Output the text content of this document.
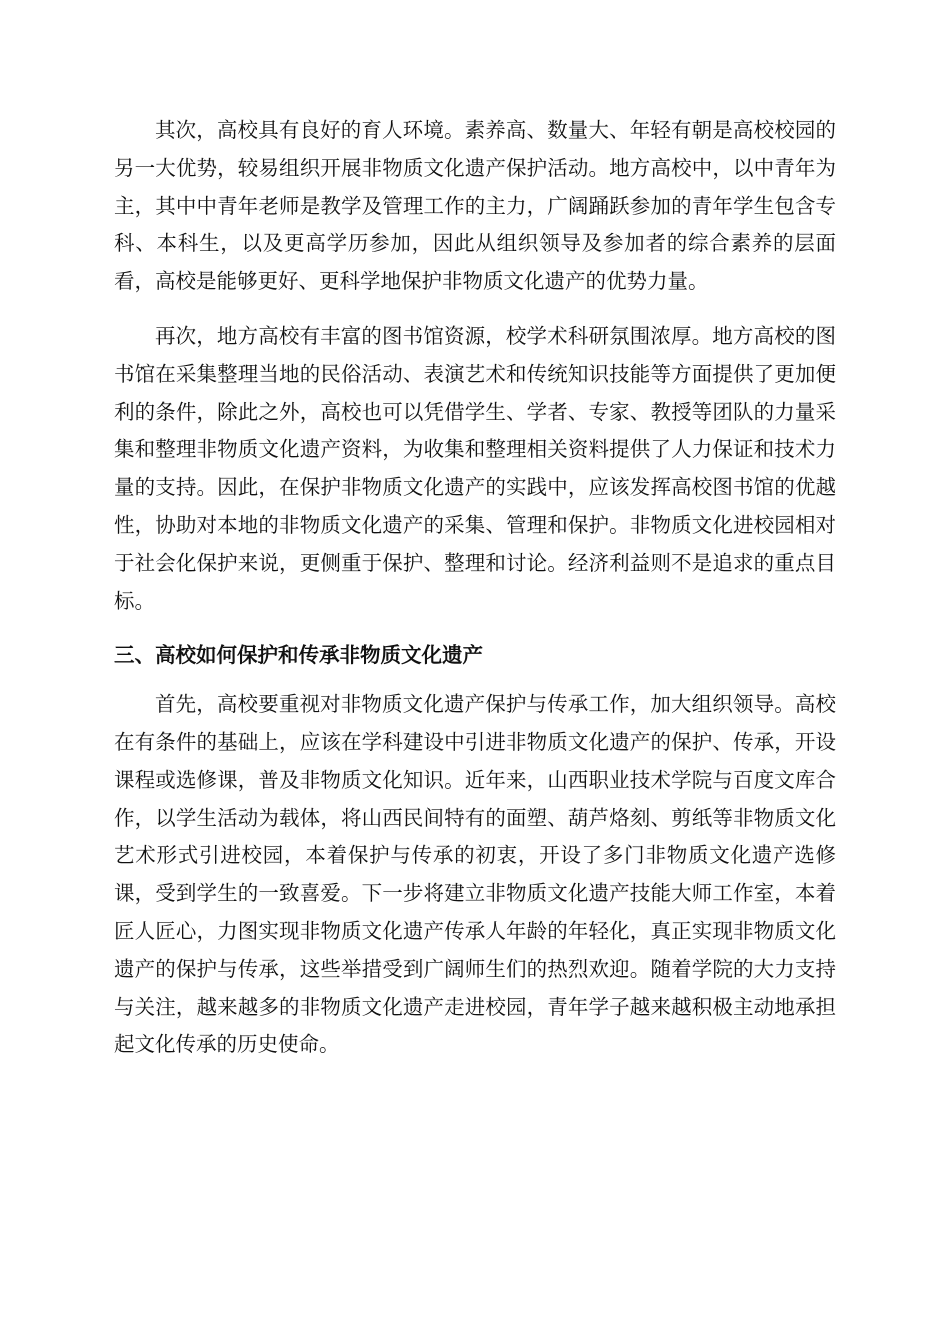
其次，高校具有良好的育人环境。素养高、数量大、年轻有朝是高校校园的另一大优势，较易组织开展非物质文化遗产保护活动。地方高校中，以中青年为主，其中中青年老师是教学及管理工作的主力，广阔踊跃参加的青年学生包含专科、本科生，以及更高学历参加，因此从组织领导及参加者的综合素养的层面看，高校是能够更好、更科学地保护非物质文化遗产的优势力量。

再次，地方高校有丰富的图书馆资源，校学术科研氛围浓厚。地方高校的图书馆在采集整理当地的民俗活动、表演艺术和传统知识技能等方面提供了更加便利的条件，除此之外，高校也可以凭借学生、学者、专家、教授等团队的力量采集和整理非物质文化遗产资料，为收集和整理相关资料提供了人力保证和技术力量的支持。因此，在保护非物质文化遗产的实践中，应该发挥高校图书馆的优越性，协助对本地的非物质文化遗产的采集、管理和保护。非物质文化进校园相对于社会化保护来说，更侧重于保护、整理和讨论。经济利益则不是追求的重点目标。

三、高校如何保护和传承非物质文化遗产

首先，高校要重视对非物质文化遗产保护与传承工作，加大组织领导。高校在有条件的基础上，应该在学科建设中引进非物质文化遗产的保护、传承，开设课程或选修课，普及非物质文化知识。近年来，山西职业技术学院与百度文库合作，以学生活动为载体，将山西民间特有的面塑、葫芦烙刻、剪纸等非物质文化艺术形式引进校园，本着保护与传承的初衷，开设了多门非物质文化遗产选修课，受到学生的一致喜爱。下一步将建立非物质文化遗产技能大师工作室，本着匠人匠心，力图实现非物质文化遗产传承人年龄的年轻化，真正实现非物质文化遗产的保护与传承，这些举措受到广阔师生们的热烈欢迎。随着学院的大力支持与关注，越来越多的非物质文化遗产走进校园，青年学子越来越积极主动地承担起文化传承的历史使命。
